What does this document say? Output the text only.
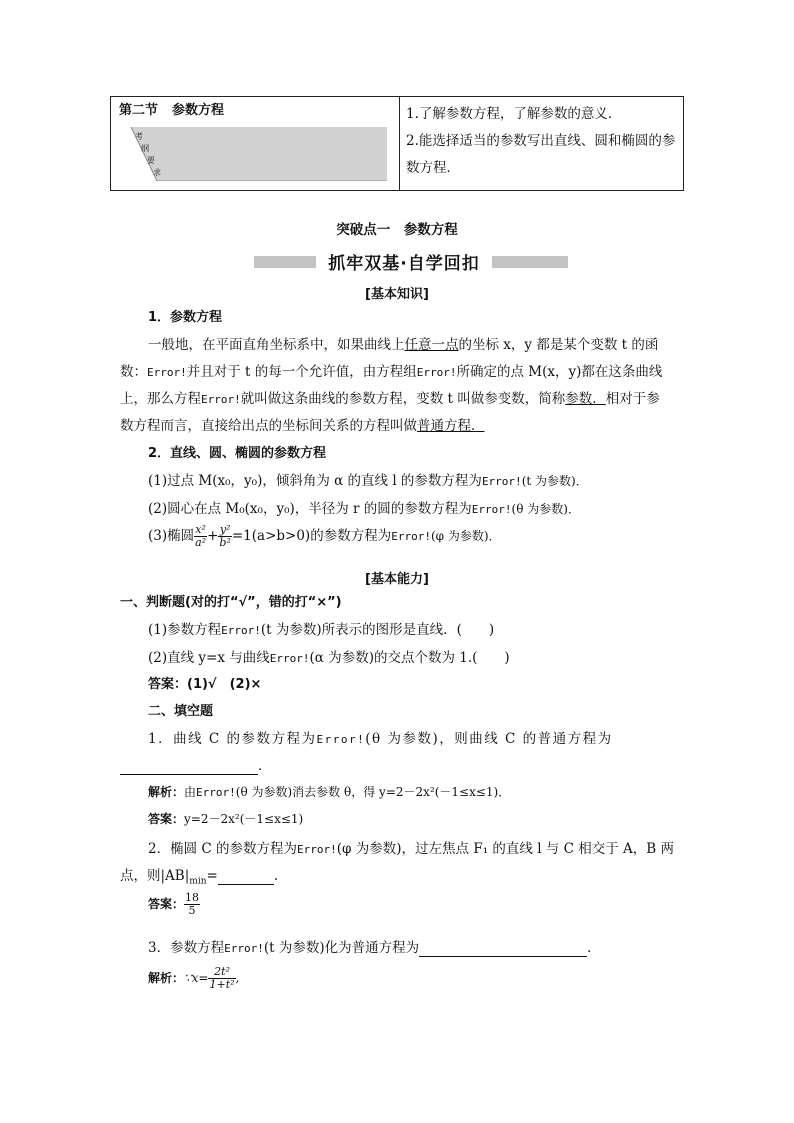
第二节 参数方程
考
纲
要
求
1.了解参数方程，了解参数的意义．
2.能选择适当的参数写出直线、圆和椭圆的参
数方程．
突破点一　参数方程
抓牢双基·自学回扣
[基本知识]
1．参数方程
一般地，在平面直角坐标系中，如果曲线上任意一点的坐标 x，y 都是某个变数 t 的函
数：Error!并且对于 t 的每一个允许值，由方程组Error!所确定的点 M(x，y)都在这条曲线
上，那么方程Error!就叫做这条曲线的参数方程，变数 t 叫做参变数，简称参数．相对于参
数方程而言，直接给出点的坐标间关系的方程叫做普通方程．
2．直线、圆、椭圆的参数方程
(1)过点 M(x₀，y₀)，倾斜角为 α 的直线 l 的参数方程为Error!(t 为参数)．
(2)圆心在点 M₀(x₀，y₀)，半径为 r 的圆的参数方程为Error!(θ 为参数)．
(3)椭圆 $\frac{\text{x²}}{\text{a²}} + \frac{\text{y²}}{\text{b²}} =1(a>b>0)$的参数方程为Error!(φ 为参数)．
[基本能力]
一、判断题(对的打“√”，错的打“×”)
(1)参数方程Error!(t 为参数)所表示的图形是直线．(　　)
(2)直线 y=x 与曲线Error!(α 为参数)的交点个数为 1.(　　)
答案：(1)√　(2)×
二、填空题
1．曲线 C 的参数方程为Error!(θ 为参数)，则曲线 C 的普通方程为
．
解析：由Error!(θ 为参数)消去参数 θ，得 y=2－2x²(－1≤x≤1)．
答案：y=2－2x²(－1≤x≤1)
2．椭圆 C 的参数方程为Error!(φ 为参数)，过左焦点 F₁ 的直线 l 与 C 相交于 A，B 两
点，则$|AB|_{min}=$	.
答案： $\frac{18}{5}$
3．参数方程Error!(t 为参数)化为普通方程为	．
解析：∵x= $\frac{\text{2t²}}{\text{1+t²}}$ ,
